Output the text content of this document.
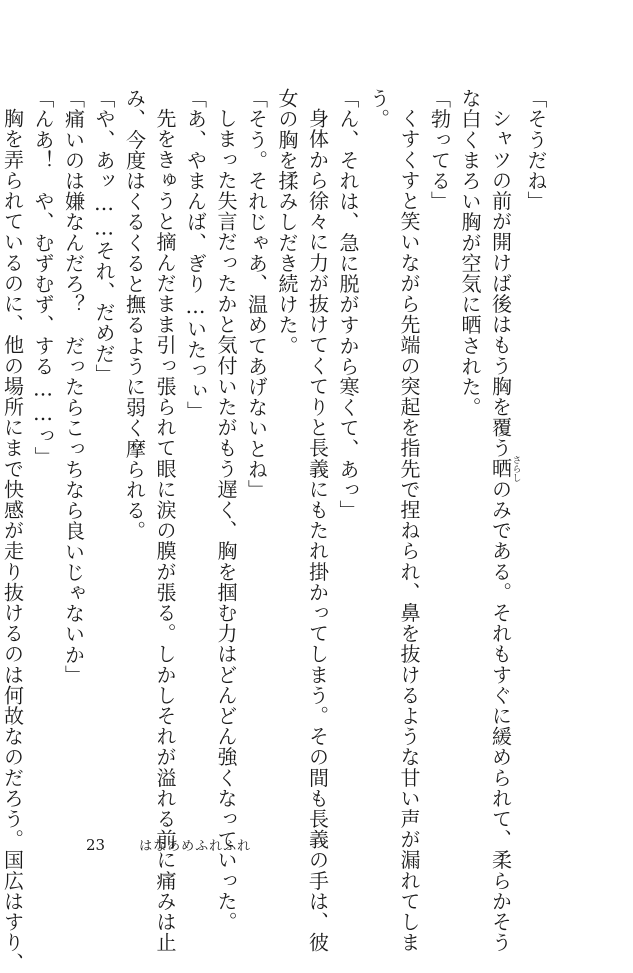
「そうだね」
シャツの前が開けば後はもう胸を覆う晒さらしのみである。それもすぐに緩められて、柔らかそう
な白くまろい胸が空気に晒された。
「勃ってる」
くすくすと笑いながら先端の突起を指先で捏ねられ、鼻を抜けるような甘い声が漏れてしま
う。
「ん、それは、急に脱がすから寒くて、あっ」
身体から徐々に力が抜けてくてりと長義にもたれ掛かってしまう。その間も長義の手は、彼
女の胸を揉みしだき続けた。
「そう。それじゃあ、温めてあげないとね」
しまった失言だったかと気付いたがもう遅く、胸を掴む力はどんどん強くなっていった。
「あ、やまんば、ぎり…いたっぃ」
先をきゅうと摘んだまま引っ張られて眼に涙の膜が張る。しかしそれが溢れる前に痛みは止
み、今度はくるくると撫るように弱く摩られる。
「や、あッ……それ、だめだ」
「痛いのは嫌なんだろ？　だったらこっちなら良いじゃないか」
「んあ！　や、むずむず、する……っ」
胸を弄られているのに、他の場所にまで快感が走り抜けるのは何故なのだろう。国広はすり、	23	はなあめふれふれ
